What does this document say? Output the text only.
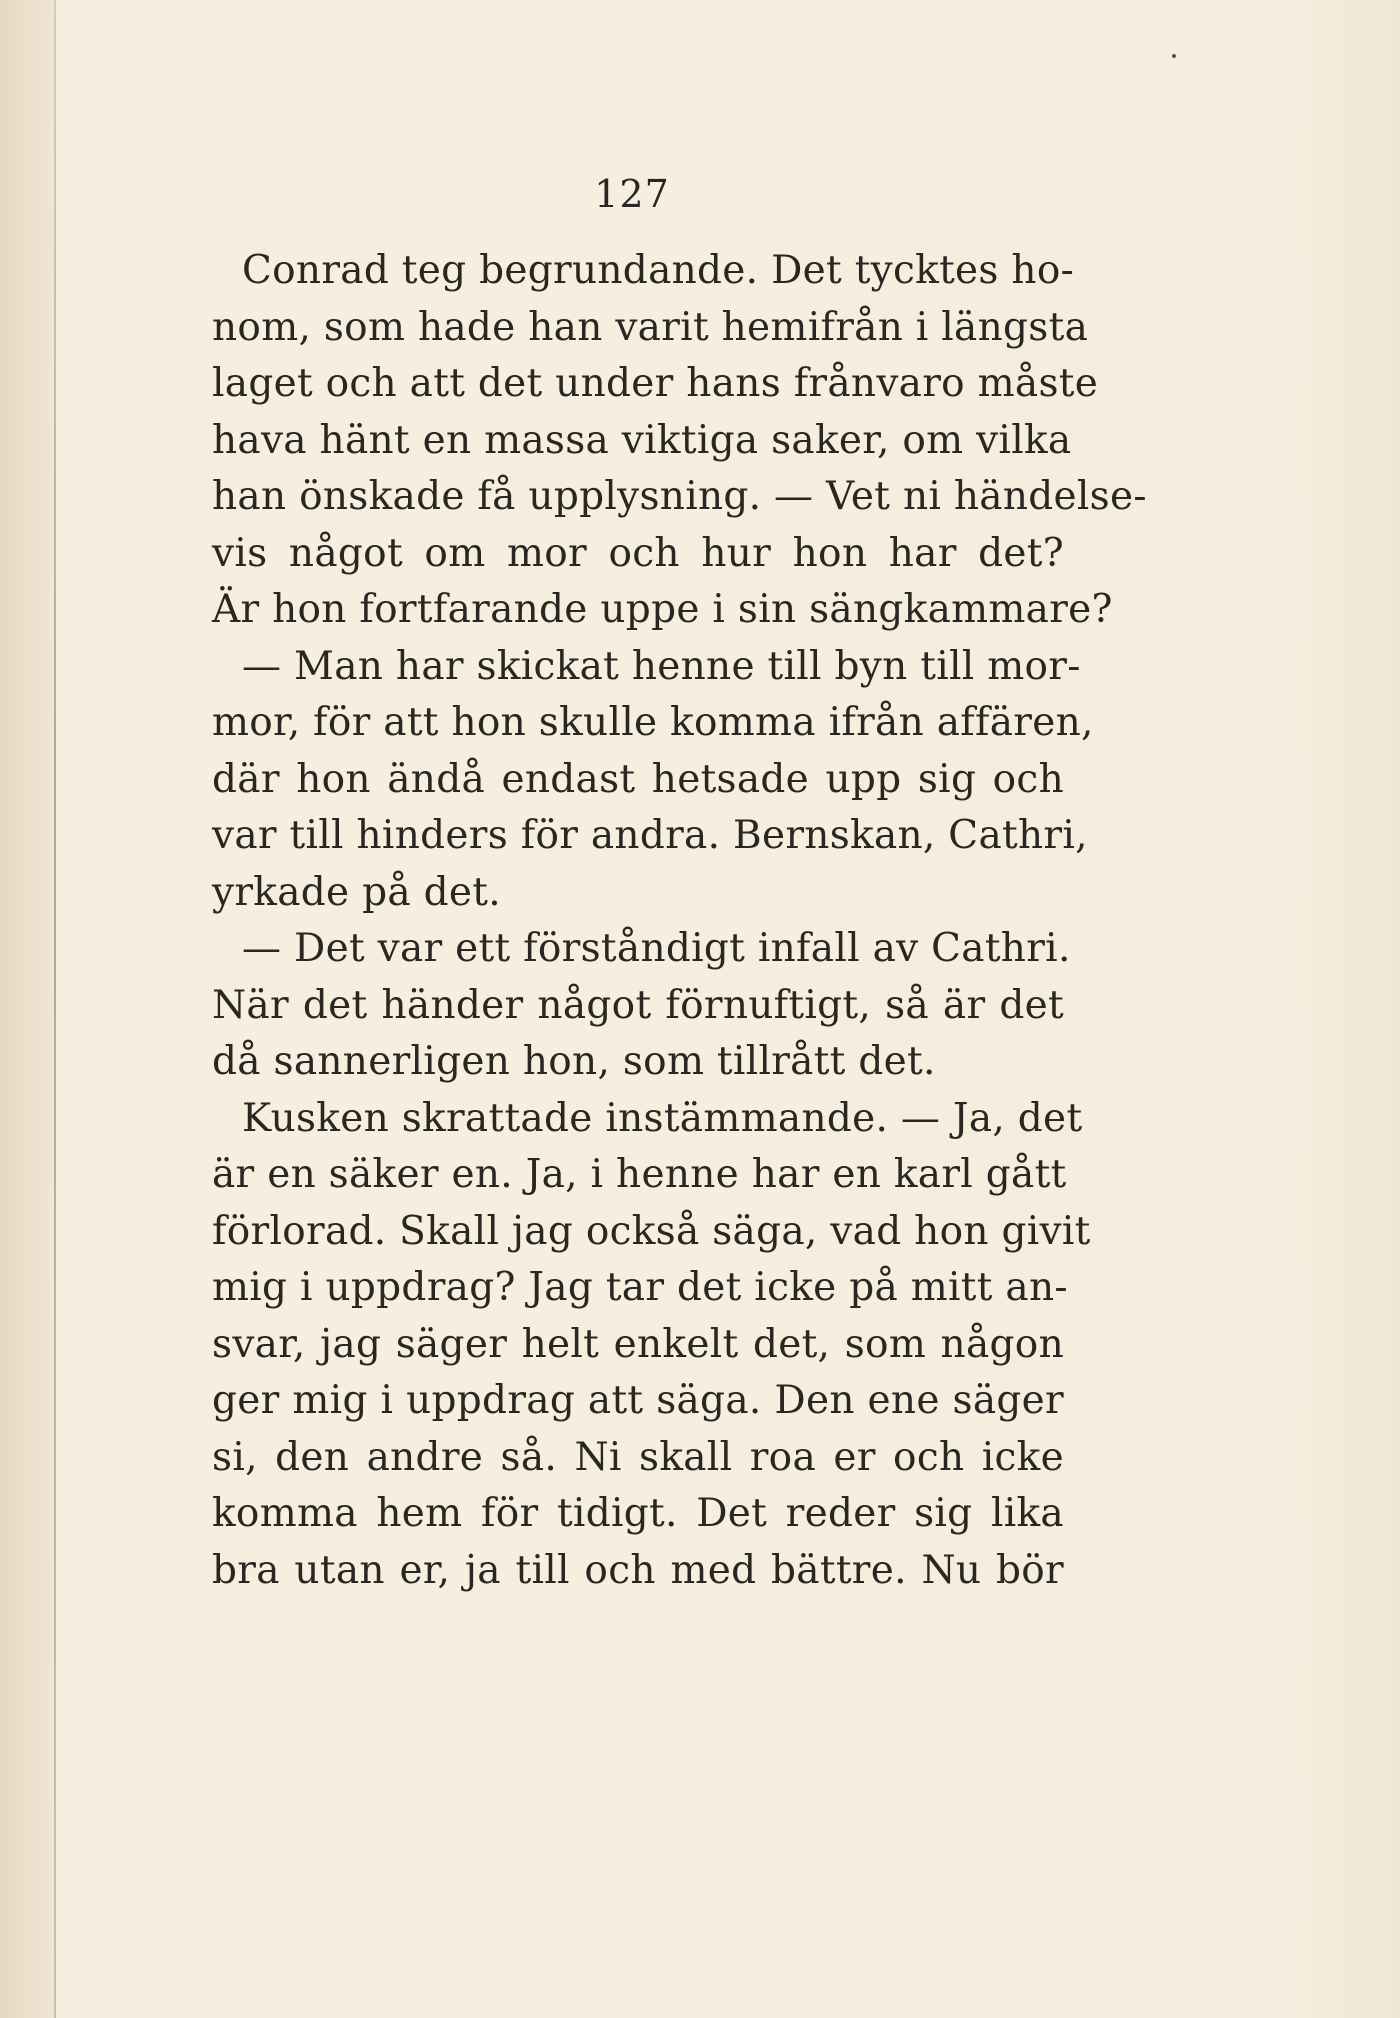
127
Conrad teg begrundande. Det tycktes ho-
nom, som hade han varit hemifrån i längsta
laget och att det under hans frånvaro måste
hava hänt en massa viktiga saker, om vilka
han önskade få upplysning. — Vet ni händelse-
vis något om mor och hur hon har det?
Är hon fortfarande uppe i sin sängkammare?
— Man har skickat henne till byn till mor-
mor, för att hon skulle komma ifrån affären,
där hon ändå endast hetsade upp sig och
var till hinders för andra. Bernskan, Cathri,
yrkade på det.
— Det var ett förståndigt infall av Cathri.
När det händer något förnuftigt, så är det
då sannerligen hon, som tillrått det.
Kusken skrattade instämmande. — Ja, det
är en säker en. Ja, i henne har en karl gått
förlorad. Skall jag också säga, vad hon givit
mig i uppdrag? Jag tar det icke på mitt an-
svar, jag säger helt enkelt det, som någon
ger mig i uppdrag att säga. Den ene säger
si, den andre så. Ni skall roa er och icke
komma hem för tidigt. Det reder sig lika
bra utan er, ja till och med bättre. Nu bör
